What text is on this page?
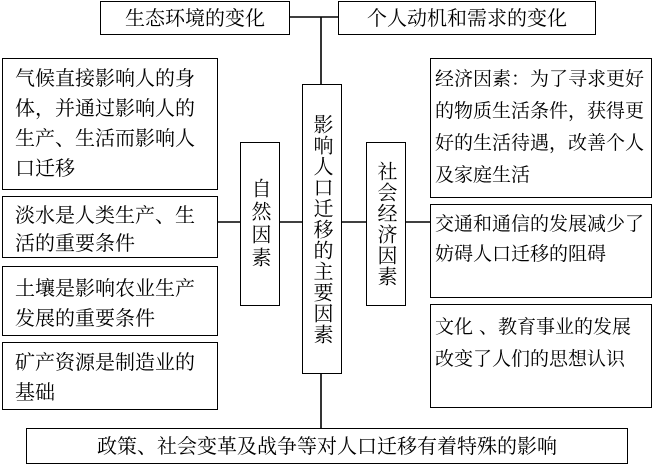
生态环境的变化	个人动机和需求的变化
气候直接影响人的身体，并通过影响人的生产、生活而影响人口迁移
淡水是人类生产、生活的重要条件
土壤是影响农业生产发展的重要条件
矿产资源是制造业的基础
自然因素	影响人口迁移的主要因素	社会经济因素
经济因素：为了寻求更好的物质生活条件，获得更好的生活待遇，改善个人及家庭生活
交通和通信的发展减少了妨碍人口迁移的阻碍
文化 、教育事业的发展改变了人们的思想认识
政策、社会变革及战争等对人口迁移有着特殊的影响
